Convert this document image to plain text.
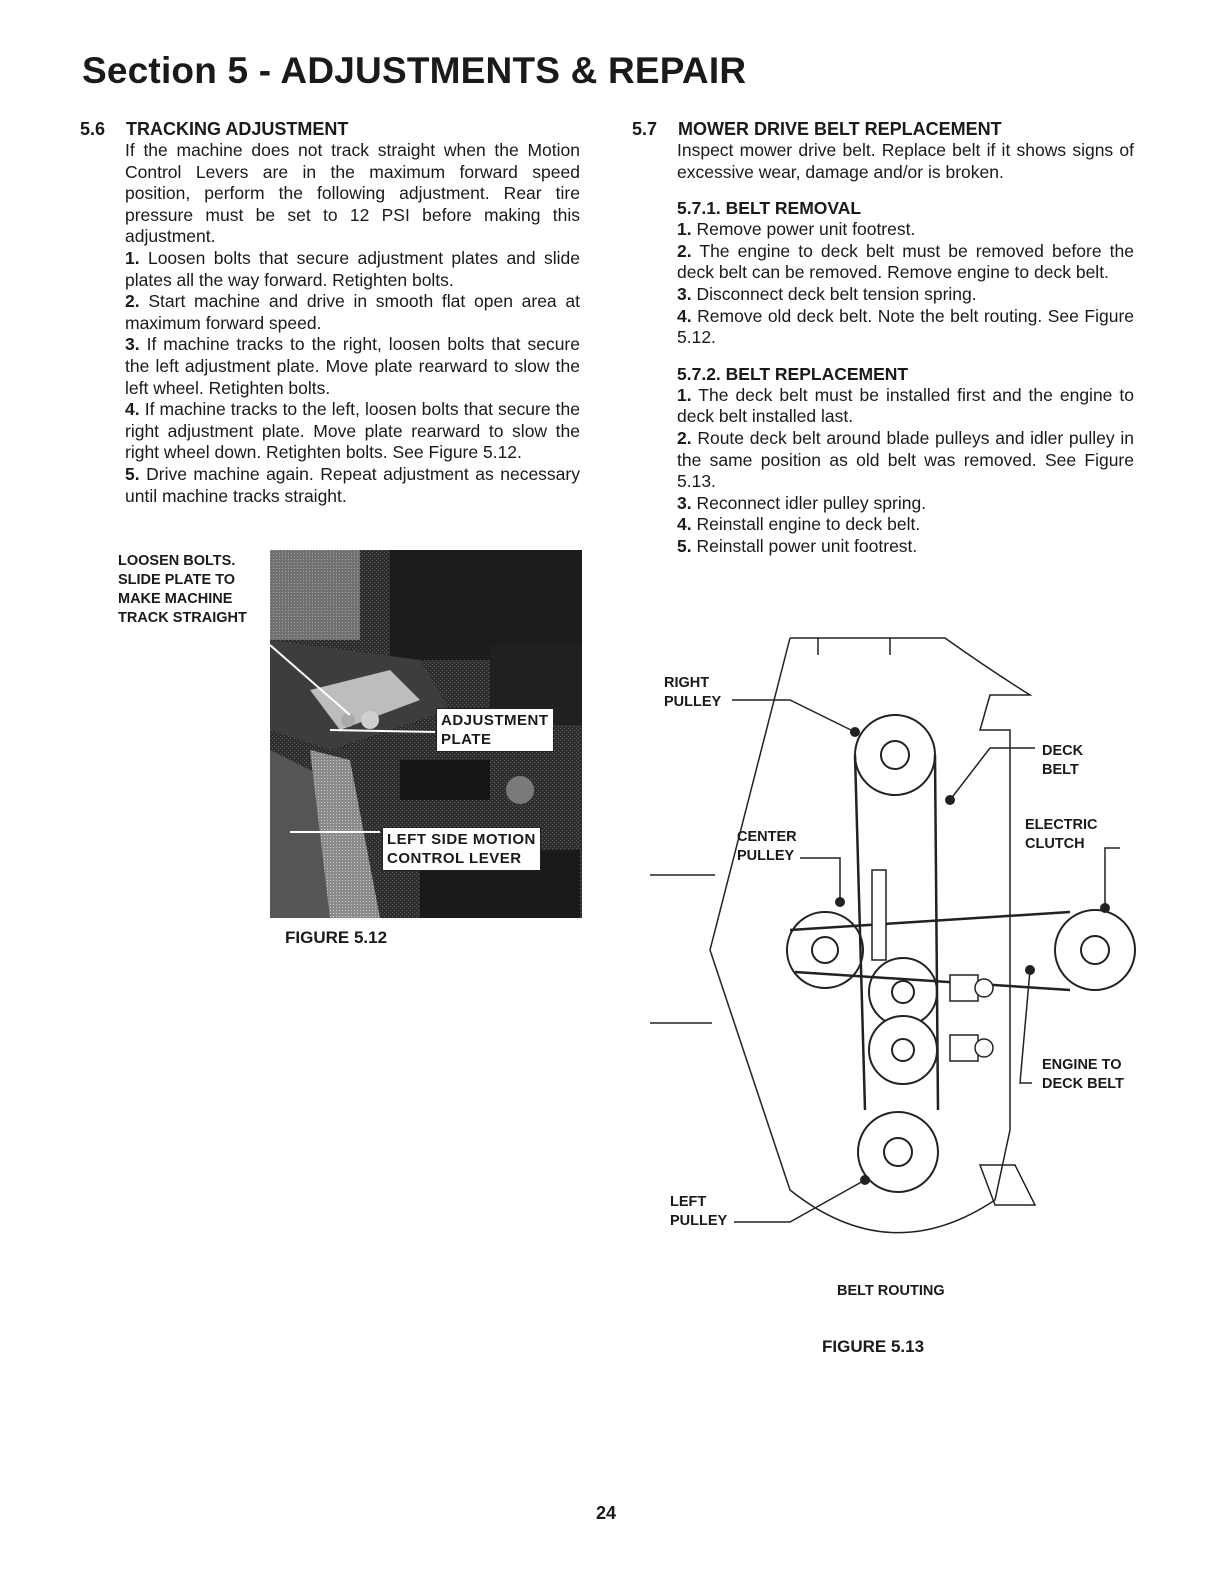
Section 5 - ADJUSTMENTS & REPAIR
5.6 TRACKING ADJUSTMENT

If the machine does not track straight when the Motion Control Levers are in the maximum forward speed position, perform the following adjustment. Rear tire pressure must be set to 12 PSI before making this adjustment.

1. Loosen bolts that secure adjustment plates and slide plates all the way forward. Retighten bolts.

2. Start machine and drive in smooth flat open area at maximum forward speed.

3. If machine tracks to the right, loosen bolts that secure the left adjustment plate. Move plate rearward to slow the left wheel. Retighten bolts.

4. If machine tracks to the left, loosen bolts that secure the right adjustment plate. Move plate rearward to slow the right wheel down. Retighten bolts. See Figure 5.12.

5. Drive machine again. Repeat adjustment as necessary until machine tracks straight.

LOOSEN BOLTS.
SLIDE PLATE TO
MAKE MACHINE
TRACK STRAIGHT
ADJUSTMENT
PLATE
LEFT SIDE MOTION
CONTROL LEVER
FIGURE 5.12
5.7 MOWER DRIVE BELT REPLACEMENT

Inspect mower drive belt. Replace belt if it shows signs of excessive wear, damage and/or is broken.

5.7.1. BELT REMOVAL

1. Remove power unit footrest.

2. The engine to deck belt must be removed before the deck belt can be removed. Remove engine to deck belt.

3. Disconnect deck belt tension spring.

4. Remove old deck belt. Note the belt routing. See Figure 5.12.

5.7.2. BELT REPLACEMENT

1. The deck belt must be installed first and the engine to deck belt installed last.

2. Route deck belt around blade pulleys and idler pulley in the same position as old belt was removed. See Figure 5.13.

3. Reconnect idler pulley spring.

4. Reinstall engine to deck belt.

5. Reinstall power unit footrest.

RIGHT
PULLEY
DECK
BELT
ELECTRIC
CLUTCH
CENTER
PULLEY
ENGINE TO
DECK BELT
LEFT
PULLEY
BELT ROUTING
FIGURE 5.13
24
